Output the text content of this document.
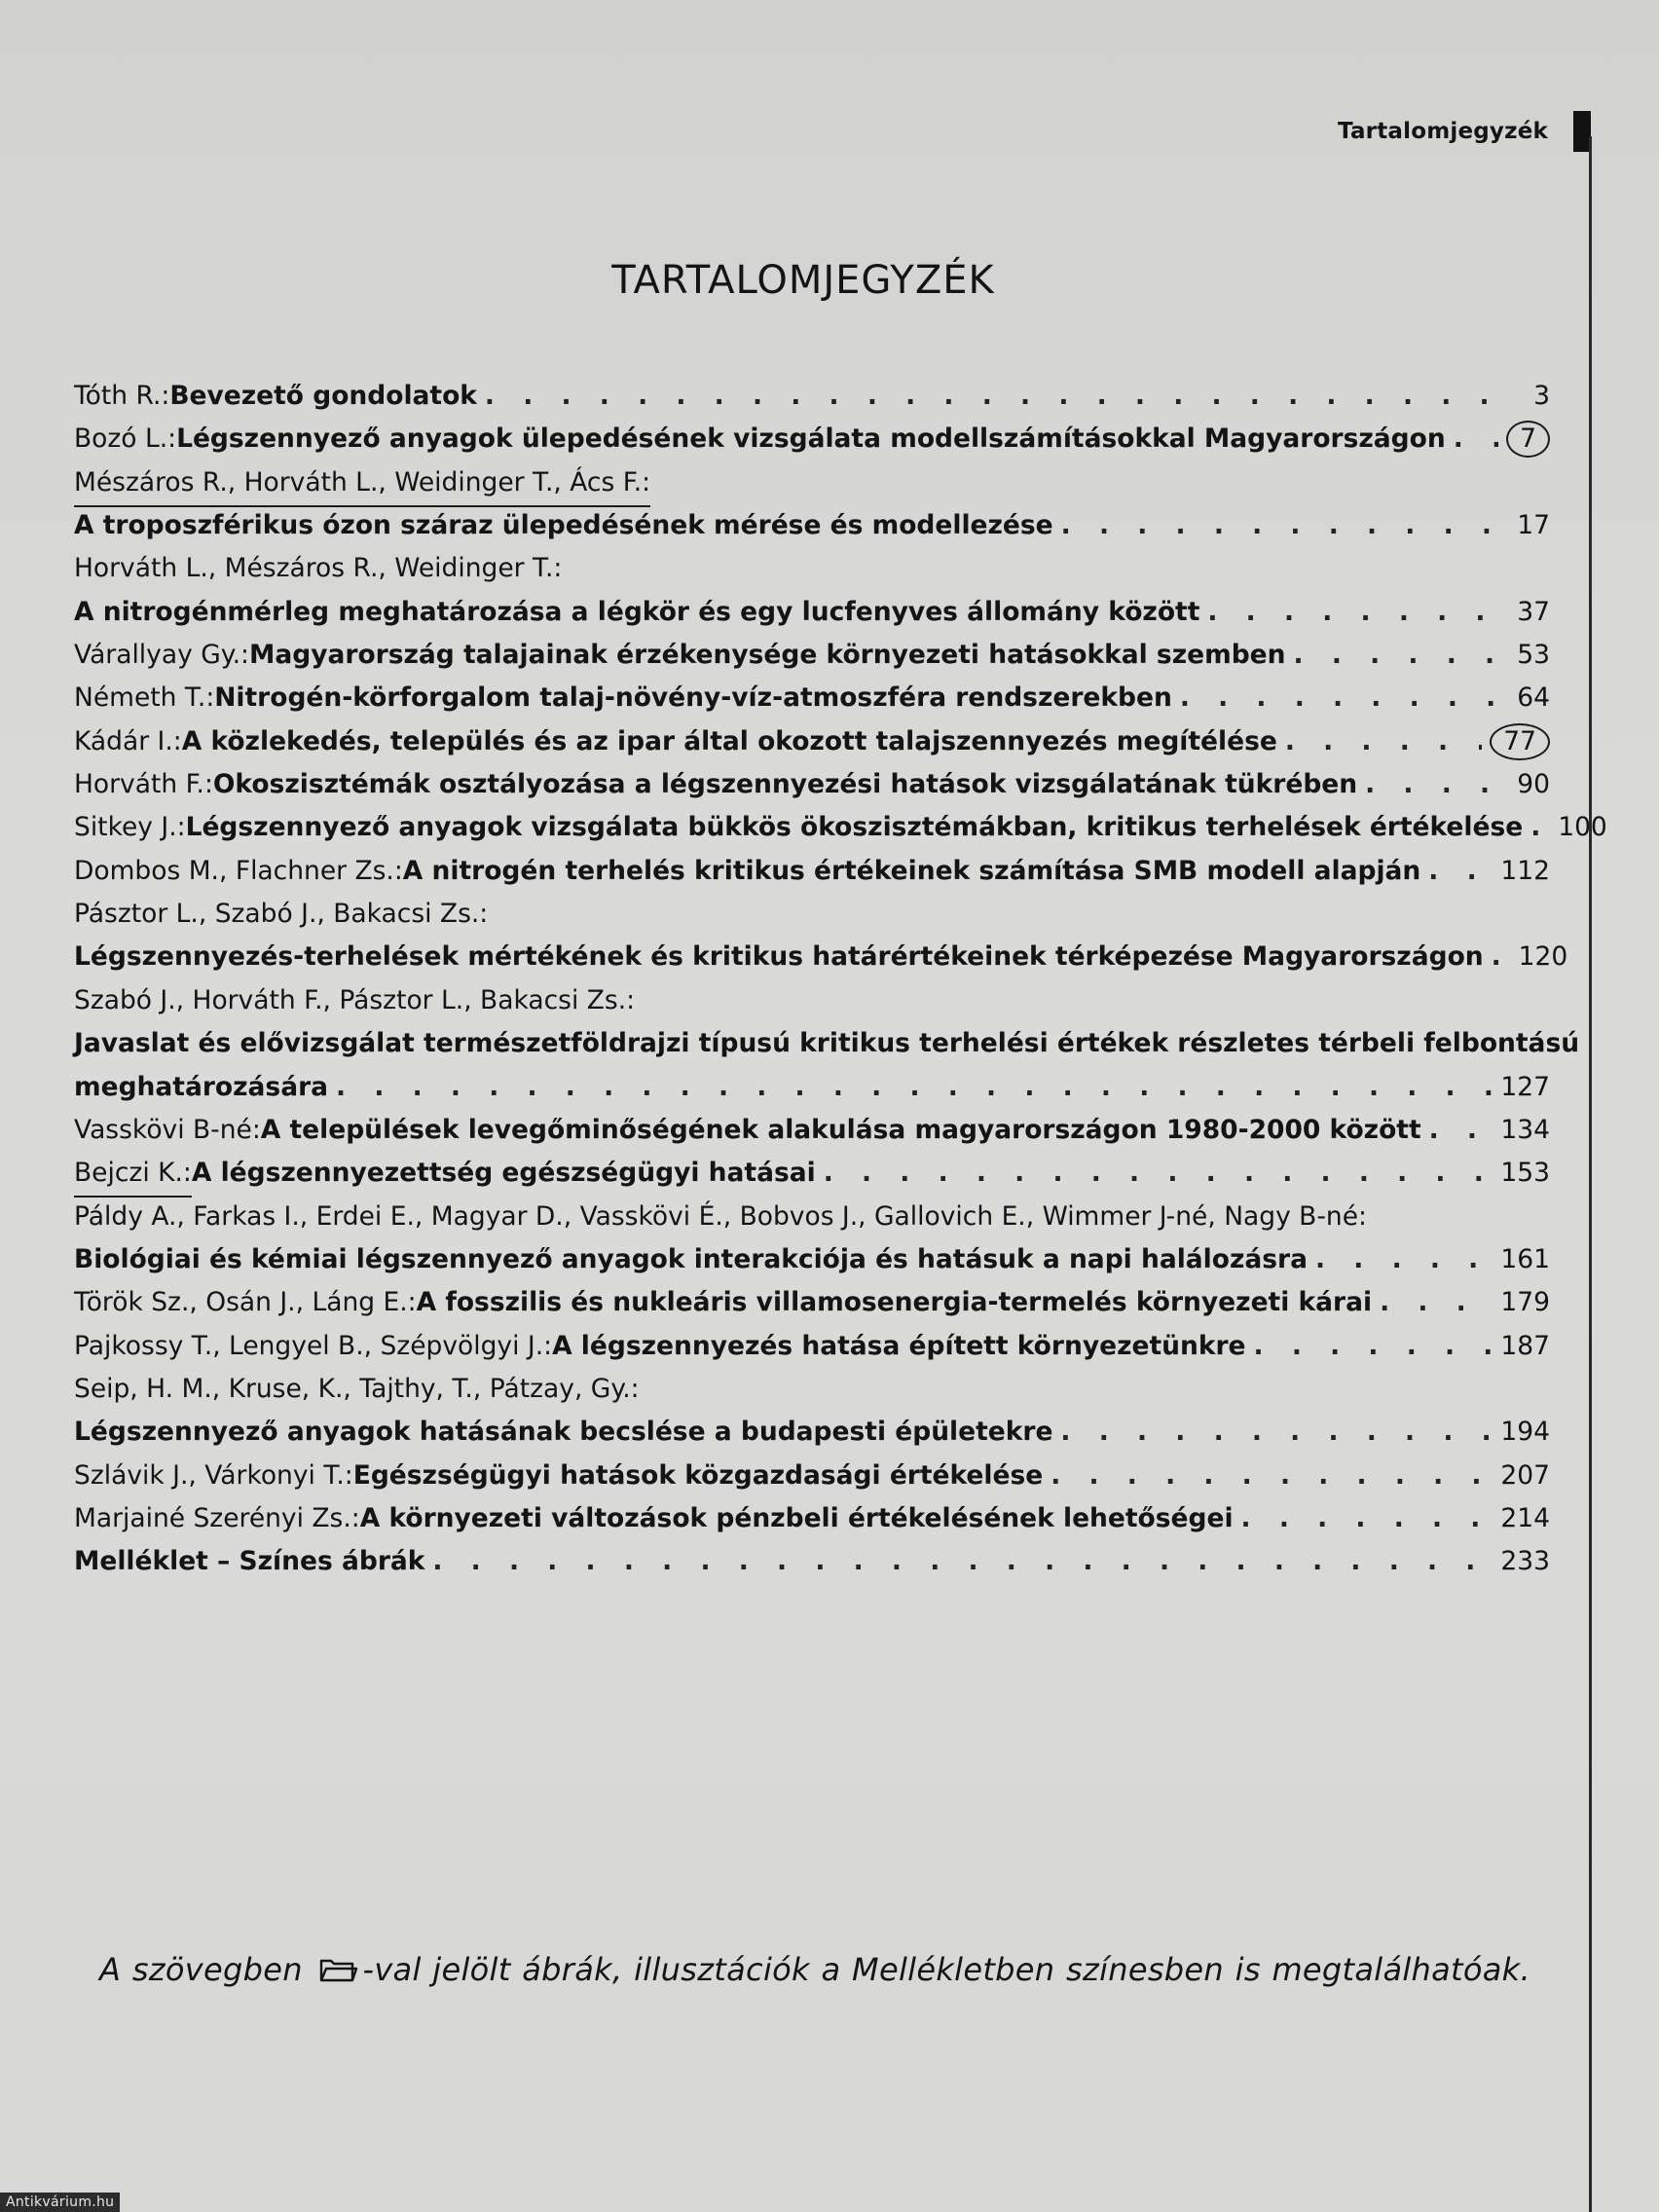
Tartalomjegyzék
TARTALOMJEGYZÉK
Tóth R.: Bevezető gondolatok . . .	3
Bozó L.: Légszennyező anyagok ülepedésének vizsgálata modellszámításokkal Magyarországon . . .	7
Mészáros R., Horváth L., Weidinger T., Ács F.:
A troposzférikus ózon száraz ülepedésének mérése és modellezése . . .	17
Horváth L., Mészáros R., Weidinger T.:
A nitrogénmérleg meghatározása a légkör és egy lucfenyves állomány között . . .	37
Várallyay Gy.: Magyarország talajainak érzékenysége környezeti hatásokkal szemben . . .	53
Németh T.: Nitrogén-körforgalom talaj-növény-víz-atmoszféra rendszerekben . . .	64
Kádár I.: A közlekedés, település és az ipar által okozott talajszennyezés megítélése . . .	77
Horváth F.: Okoszisztémák osztályozása a légszennyezési hatások vizsgálatának tükrében . . .	90
Sitkey J.: Légszennyező anyagok vizsgálata bükkös ökoszisztémákban, kritikus terhelések értékelése . . . 100
Dombos M., Flachner Zs.: A nitrogén terhelés kritikus értékeinek számítása SMB modell alapján . . .	112
Pásztor L., Szabó J., Bakacsi Zs.:
Légszennyezés-terhelések mértékének és kritikus határértékeinek térképezése Magyarországon . . . 120
Szabó J., Horváth F., Pásztor L., Bakacsi Zs.:
Javaslat és elővizsgálat természetföldrajzi típusú kritikus terhelési értékek részletes térbeli felbontású
meghatározására . . .	127
Vasskövi B-né: A települések levegőminőségének alakulása magyarországon 1980-2000 között . . .	134
Bejczi K.: A légszennyezettség egészségügyi hatásai . . .	153
Páldy A., Farkas I., Erdei E., Magyar D., Vasskövi É., Bobvos J., Gallovich E., Wimmer J-né, Nagy B-né:
Biológiai és kémiai légszennyező anyagok interakciója és hatásuk a napi halálozásra . . .	161
Török Sz., Osán J., Láng E.: A fosszilis és nukleáris villamosenergia-termelés környezeti kárai . . .	179
Pajkossy T., Lengyel B., Szépvölgyi J.: A légszennyezés hatása épített környezetünkre . . .	187
Seip, H. M., Kruse, K., Tajthy, T., Pátzay, Gy.:
Légszennyező anyagok hatásának becslése a budapesti épületekre . . .	194
Szlávik J., Várkonyi T.: Egészségügyi hatások közgazdasági értékelése . . .	207
Marjainé Szerényi Zs.: A környezeti változások pénzbeli értékelésének lehetőségei . . .	214
Melléklet – Színes ábrák . . .	233
A szövegben -val jelölt ábrák, illusztációk a Mellékletben színesben is megtalálhatóak.
Antikvárium.hu
